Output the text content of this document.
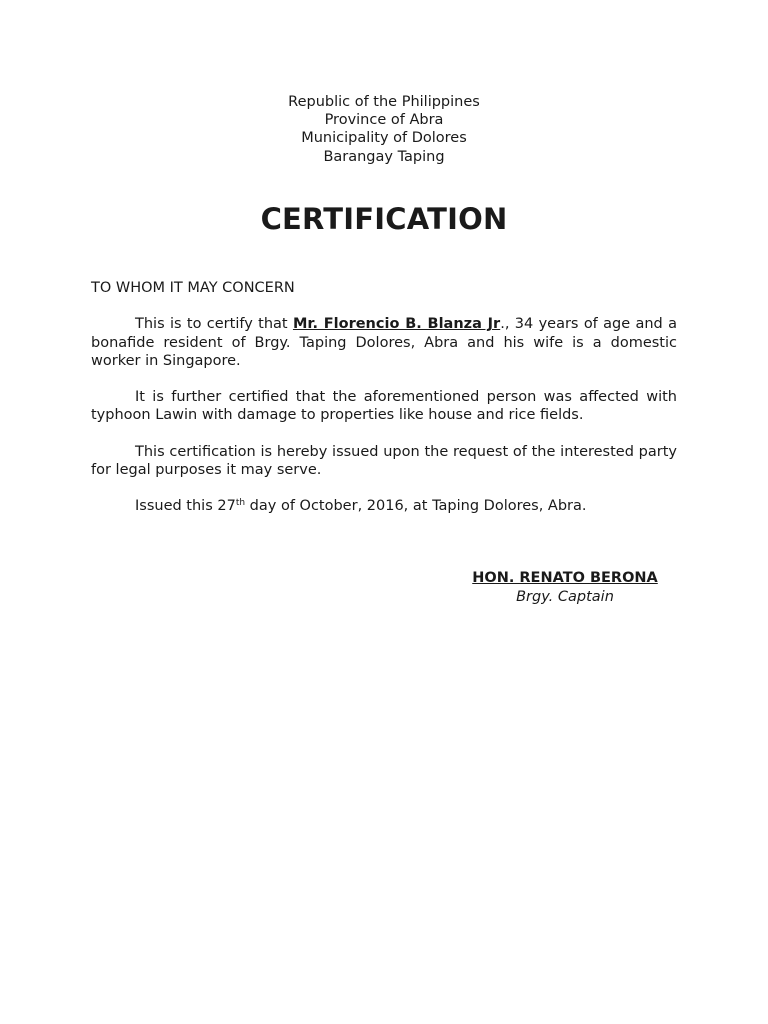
Republic of the Philippines
Province of Abra
Municipality of Dolores
Barangay Taping
CERTIFICATION

TO WHOM IT MAY CONCERN

This is to certify that Mr. Florencio B. Blanza Jr., 34 years of age and a bonafide resident of Brgy. Taping Dolores, Abra and his wife is a domestic worker in Singapore.

It is further certified that the aforementioned person was affected with typhoon Lawin with damage to properties like house and rice fields.

This certification is hereby issued upon the request of the interested party for legal purposes it may serve.

Issued this 27th day of October, 2016, at Taping Dolores, Abra.

HON. RENATO BERONA
Brgy. Captain
